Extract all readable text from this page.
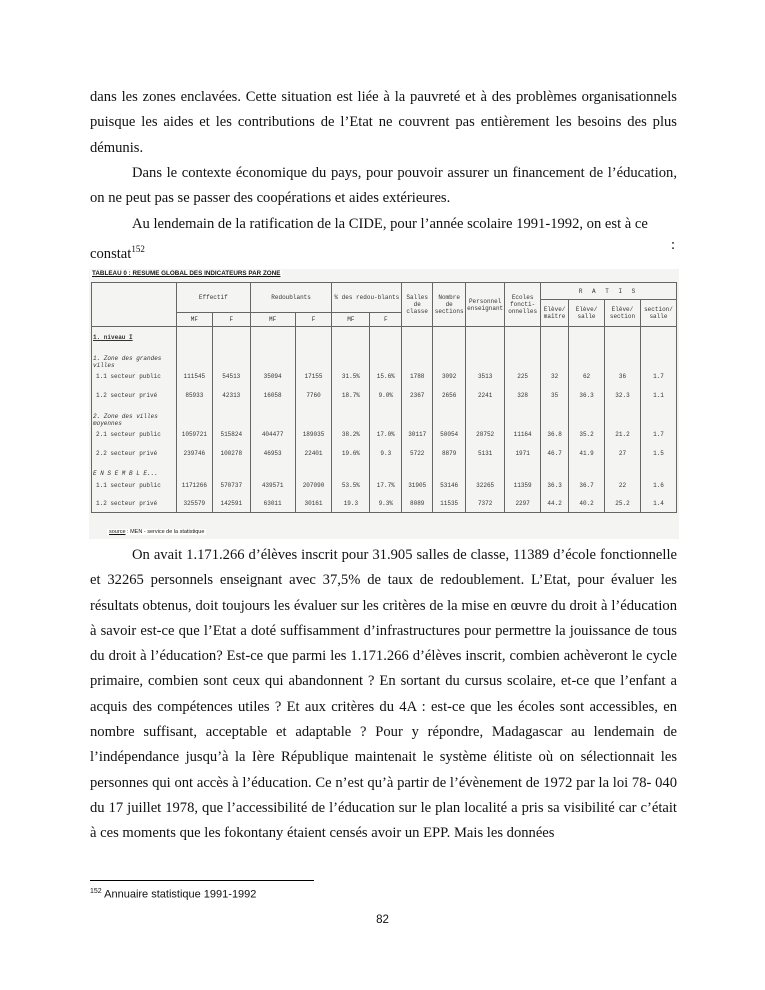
dans les zones enclavées. Cette situation est liée à la pauvreté et à des problèmes organisationnels puisque les aides et les contributions de l’Etat ne couvrent pas entièrement les besoins des plus démunis.

Dans le contexte économique du pays, pour pouvoir assurer un financement de l’éducation, on ne peut pas se passer des coopérations et aides extérieures.

Au lendemain de la ratification de la CIDE, pour l’année scolaire 1991-1992, on est à ce constat$^{152}$	:
TABLEAU 0 : RESUME GLOBAL DES INDICATEURS PAR ZONE
	Effectif		Redoublants		% des redou-blants		Salles de classe	Nombre de sections	Personnel enseignant	Ecoles foncti-onnelles	R A T I S			
											Elève/ maître	Elève/ salle	Elève/ section	section/ salle
	MF	F	MF	F	MF	F								
1. niveau I														
1. Zone des grandes villes														
1.1 secteur public	111545	54513	35094	17155	31.5%	15.6%	1788	3092	3513	225	32	62	36	1.7
1.2 secteur privé	85933	42313	16058	7760	18.7%	9.0%	2367	2656	2241	328	35	36.3	32.3	1.1
2. Zone des villes moyennes														
2.1 secteur public	1059721	515824	404477	189035	38.2%	17.0%	30117	50054	28752	11164	36.8	35.2	21.2	1.7
2.2 secteur privé	239746	100278	46953	22401	19.6%	9.3	5722	8879	5131	1971	46.7	41.9	27	1.5
E N S E M B L E...														
1.1 secteur public	1171266	570737	439571	207090	53.5%	17.7%	31905	53146	32265	11359	36.3	36.7	22	1.6
1.2 secteur privé	325579	142591	63011	30161	19.3	9.3%	8089	11535	7372	2297	44.2	40.2	25.2	1.4
source : MEN - service de la statistique

On avait 1.171.266 d’élèves inscrit pour 31.905 salles de classe, 11389 d’école fonctionnelle et 32265 personnels enseignant avec 37,5% de taux de redoublement. L’Etat, pour évaluer les résultats obtenus, doit toujours les évaluer sur les critères de la mise en œuvre du droit à l’éducation à savoir est-ce que l’Etat a doté suffisamment d’infrastructures pour permettre la jouissance de tous du droit à l’éducation? Est-ce que parmi les 1.171.266 d’élèves inscrit, combien achèveront le cycle primaire, combien sont ceux qui abandonnent ? En sortant du cursus scolaire, et-ce que l’enfant a acquis des compétences utiles ? Et aux critères du 4A : est-ce que les écoles sont accessibles, en nombre suffisant, acceptable et adaptable ? Pour y répondre, Madagascar au lendemain de l’indépendance jusqu’à la Ière République maintenait le système élitiste où on sélectionnait les personnes qui ont accès à l’éducation. Ce n’est qu’à partir de l’évènement de 1972 par la loi 78- 040 du 17 juillet 1978, que l’accessibilité de l’éducation sur le plan localité a pris sa visibilité car c’était à ces moments que les fokontany étaient censés avoir un EPP. Mais les données

$^{152}$ Annuaire statistique 1991-1992
82
